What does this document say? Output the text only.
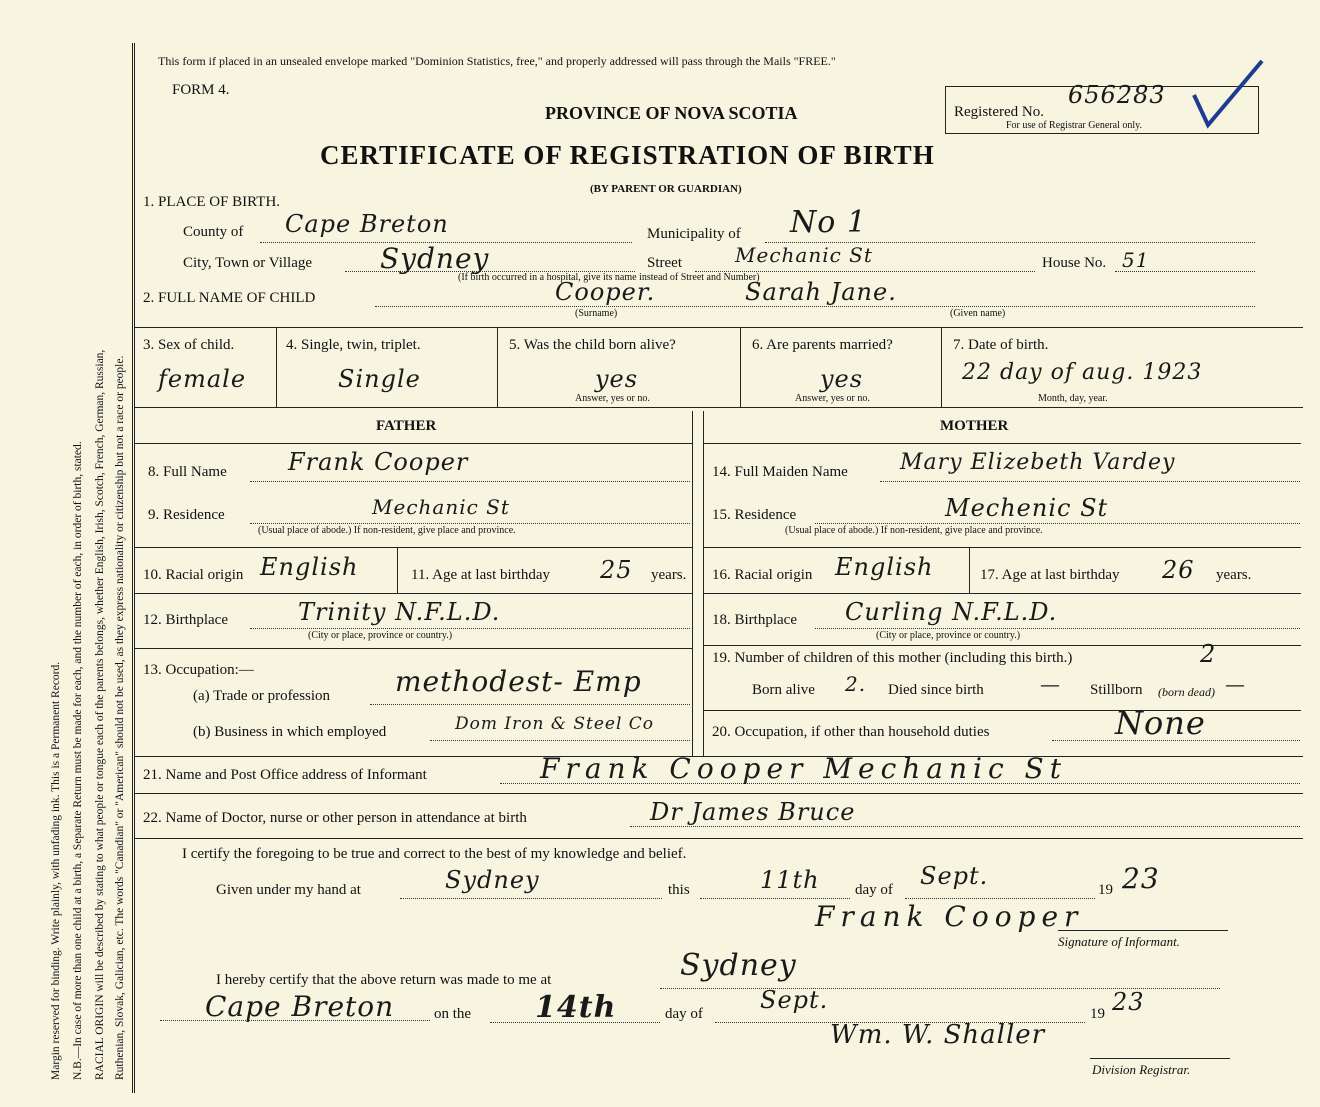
Margin reserved for binding. Write plainly, with unfading ink. This is a Permanent Record. N.B.—In case of more than one child at a birth, a Separate Return must be made for each, and the number of each, in order of birth, stated. RACIAL ORIGIN will be described by stating to what people or tongue each of the parents belongs, whether English, Irish, Scotch, French, German, Russian, Ruthenian, Slovak, Galician, etc. The words "Canadian" or "American" should not be used, as they express nationality or citizenship but not a race or people.
This form if placed in an unsealed envelope marked "Dominion Statistics, free," and properly addressed will pass through the Mails "FREE."
FORM 4.
PROVINCE OF NOVA SCOTIA	Registered No.
656283
For use of Registrar General only.
CERTIFICATE OF REGISTRATION OF BIRTH
(BY PARENT OR GUARDIAN)
1. PLACE OF BIRTH.
County of Cape Breton	Municipality of No 1
City, Town or Village Sydney	Street	Mechanic St
(If birth occurred in a hospital, give its name instead of Street and Number)
House No. 51
2. FULL NAME OF CHILD	Cooper.	Sarah Jane.
(Surname)	(Given name)
3. Sex of child.
female
4. Single, twin, triplet.
Single
5. Was the child born alive?
yes
Answer, yes or no.
6. Are parents married?
yes
Answer, yes or no.
7. Date of birth.
22 day of aug. 1923
Month, day, year.
FATHER	MOTHER
8. Full Name	Frank Cooper
9. Residence	Mechanic St
(Usual place of abode.) If non-resident, give place and province.
10. Racial origin English	11. Age at last birthday 25 years.
12. Birthplace	Trinity N.F.L.D.
(City or place, province or country.)
13. Occupation:—
(a) Trade or profession methodest- Emp
(b) Business in which employed	Dom Iron & Steel Co
14. Full Maiden Name Mary Elizebeth Vardey
15. Residence	Mechenic St
(Usual place of abode.) If non-resident, give place and province.
16. Racial origin English	17. Age at last birthday 26 years.
18. Birthplace Curling N.F.L.D.
(City or place, province or country.)
19. Number of children of this mother (including this birth.)	2
Born alive 2. Died since birth	— Stillborn (born dead) —
20. Occupation, if other than household duties	None
21. Name and Post Office address of Informant	Frank Cooper Mechanic St
22. Name of Doctor, nurse or other person in attendance at birth	Dr James Bruce
I certify the foregoing to be true and correct to the best of my knowledge and belief.
Given under my hand at	Sydney	this	11th day of Sept.	19 23
Frank Cooper
Signature of Informant.
I hereby certify that the above return was made to me at	Sydney
Cape Breton	on the 14th	day of Sept.	19 23
Wm. W. Shaller
Division Registrar.
